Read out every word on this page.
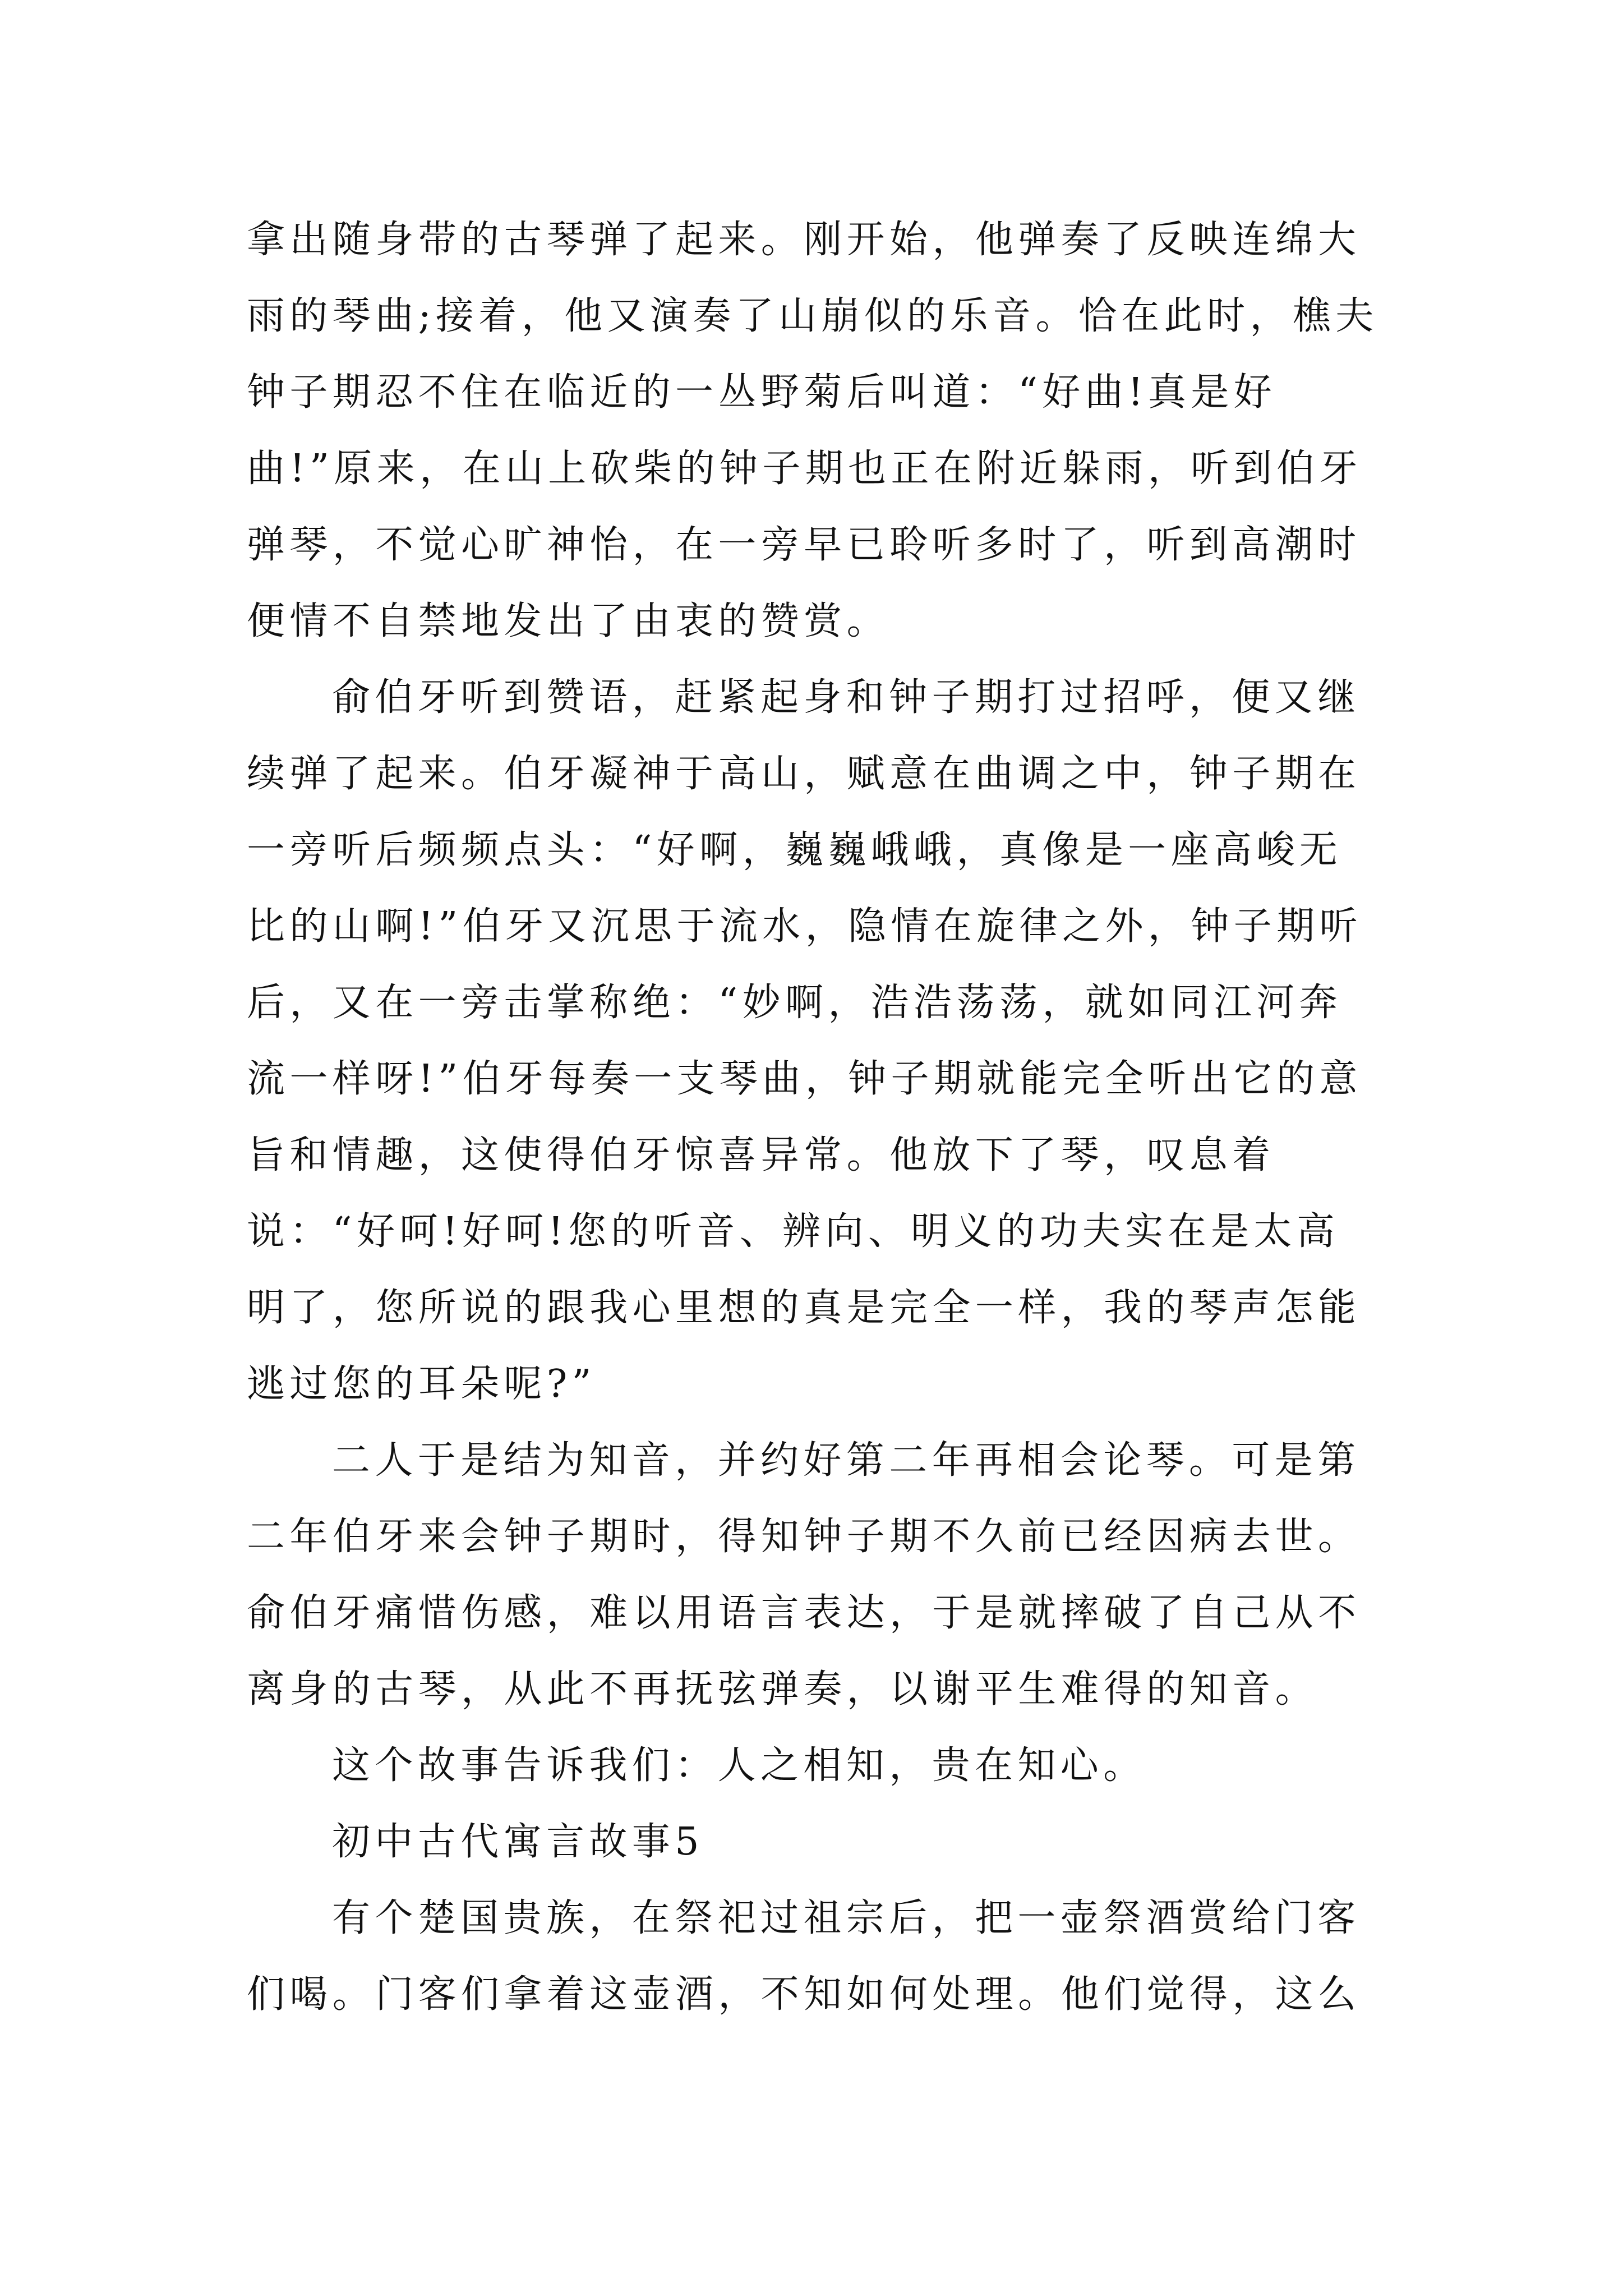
拿出随身带的古琴弹了起来。刚开始，他弹奏了反映连绵大雨的琴曲;接着，他又演奏了山崩似的乐音。恰在此时，樵夫钟子期忍不住在临近的一丛野菊后叫道：“好曲!真是好曲!”原来，在山上砍柴的钟子期也正在附近躲雨，听到伯牙弹琴，不觉心旷神怡，在一旁早已聆听多时了，听到高潮时便情不自禁地发出了由衷的赞赏。

俞伯牙听到赞语，赶紧起身和钟子期打过招呼，便又继续弹了起来。伯牙凝神于高山，赋意在曲调之中，钟子期在一旁听后频频点头：“好啊，巍巍峨峨，真像是一座高峻无比的山啊!”伯牙又沉思于流水，隐情在旋律之外，钟子期听后，又在一旁击掌称绝：“妙啊，浩浩荡荡，就如同江河奔流一样呀!”伯牙每奏一支琴曲，钟子期就能完全听出它的意旨和情趣，这使得伯牙惊喜异常。他放下了琴，叹息着说：“好呵!好呵!您的听音、辨向、明义的功夫实在是太高明了，您所说的跟我心里想的真是完全一样，我的琴声怎能逃过您的耳朵呢?”

二人于是结为知音，并约好第二年再相会论琴。可是第二年伯牙来会钟子期时，得知钟子期不久前已经因病去世。俞伯牙痛惜伤感，难以用语言表达，于是就摔破了自己从不离身的古琴，从此不再抚弦弹奏，以谢平生难得的知音。

这个故事告诉我们：人之相知，贵在知心。

初中古代寓言故事5

有个楚国贵族，在祭祀过祖宗后，把一壶祭酒赏给门客们喝。门客们拿着这壶酒，不知如何处理。他们觉得，这么
